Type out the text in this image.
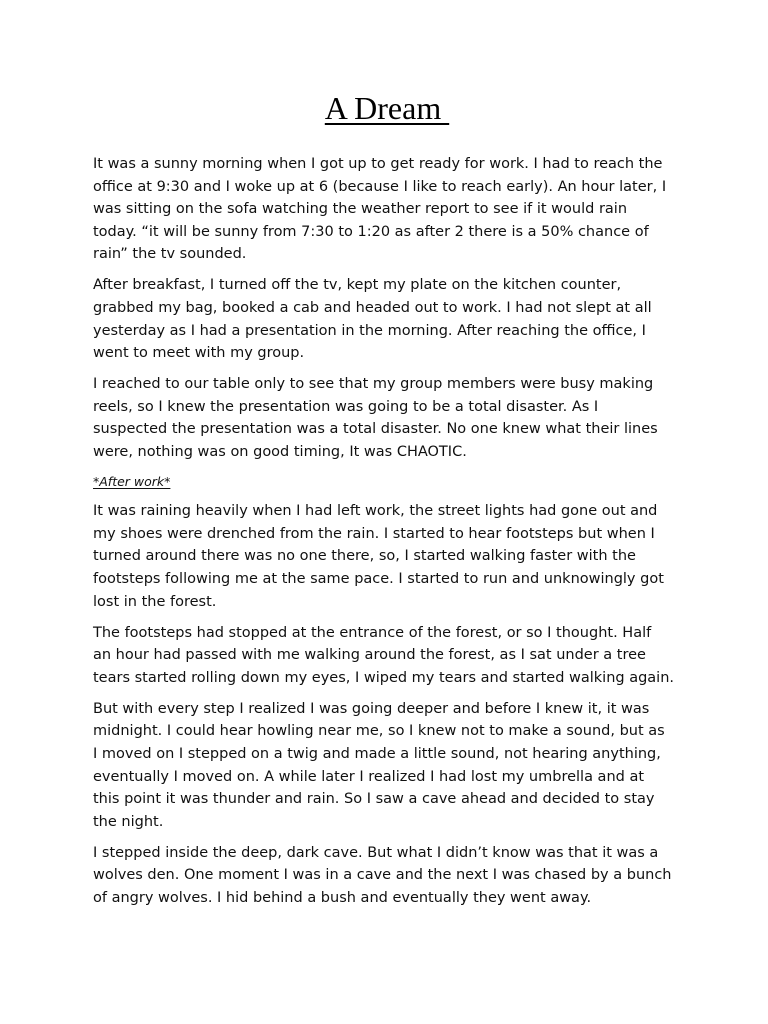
A Dream
It was a sunny morning when I got up to get ready for work. I had to reach the
office at 9:30 and I woke up at 6 (because I like to reach early). An hour later, I
was sitting on the sofa watching the weather report to see if it would rain
today. “it will be sunny from 7:30 to 1:20 as after 2 there is a 50% chance of
rain” the tv sounded.
After breakfast, I turned off the tv, kept my plate on the kitchen counter,
grabbed my bag, booked a cab and headed out to work. I had not slept at all
yesterday as I had a presentation in the morning. After reaching the office, I
went to meet with my group.
I reached to our table only to see that my group members were busy making
reels, so I knew the presentation was going to be a total disaster. As I
suspected the presentation was a total disaster. No one knew what their lines
were, nothing was on good timing, It was CHAOTIC.
*After work*
It was raining heavily when I had left work, the street lights had gone out and
my shoes were drenched from the rain. I started to hear footsteps but when I
turned around there was no one there, so, I started walking faster with the
footsteps following me at the same pace. I started to run and unknowingly got
lost in the forest.
The footsteps had stopped at the entrance of the forest, or so I thought. Half
an hour had passed with me walking around the forest, as I sat under a tree
tears started rolling down my eyes, I wiped my tears and started walking again.
But with every step I realized I was going deeper and before I knew it, it was
midnight. I could hear howling near me, so I knew not to make a sound, but as
I moved on I stepped on a twig and made a little sound, not hearing anything,
eventually I moved on. A while later I realized I had lost my umbrella and at
this point it was thunder and rain. So I saw a cave ahead and decided to stay
the night.
I stepped inside the deep, dark cave. But what I didn’t know was that it was a
wolves den. One moment I was in a cave and the next I was chased by a bunch
of angry wolves. I hid behind a bush and eventually they went away.
